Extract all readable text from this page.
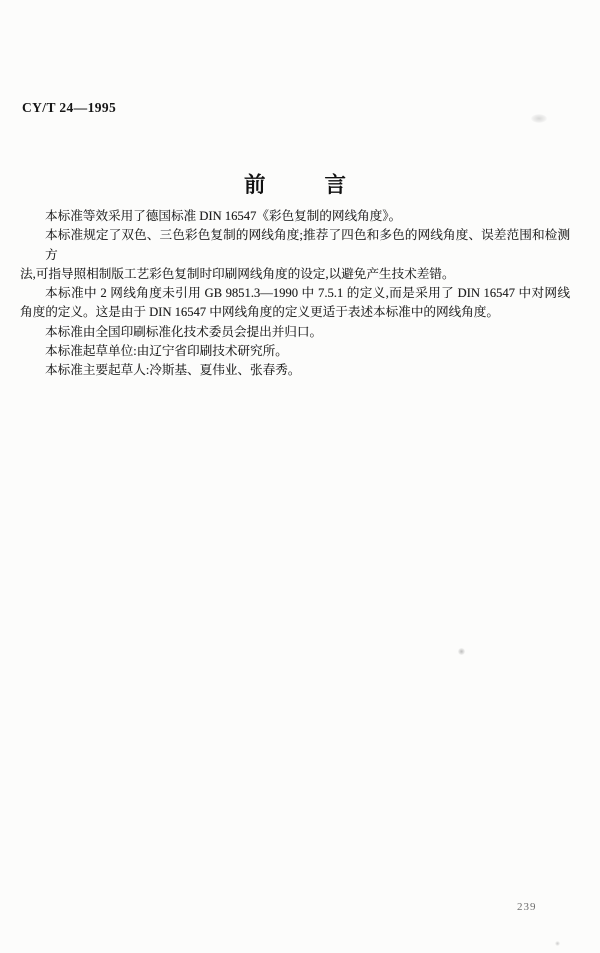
CY/T 24—1995
前	言
本标准等效采用了德国标准 DIN 16547《彩色复制的网线角度》。
本标准规定了双色、三色彩色复制的网线角度;推荐了四色和多色的网线角度、误差范围和检测方
法,可指导照相制版工艺彩色复制时印刷网线角度的设定,以避免产生技术差错。
本标准中 2 网线角度未引用 GB 9851.3—1990 中 7.5.1 的定义,而是采用了 DIN 16547 中对网线
角度的定义。这是由于 DIN 16547 中网线角度的定义更适于表述本标准中的网线角度。
本标准由全国印刷标准化技术委员会提出并归口。
本标准起草单位:由辽宁省印刷技术研究所。
本标准主要起草人:冷斯基、夏伟业、张春秀。
239
